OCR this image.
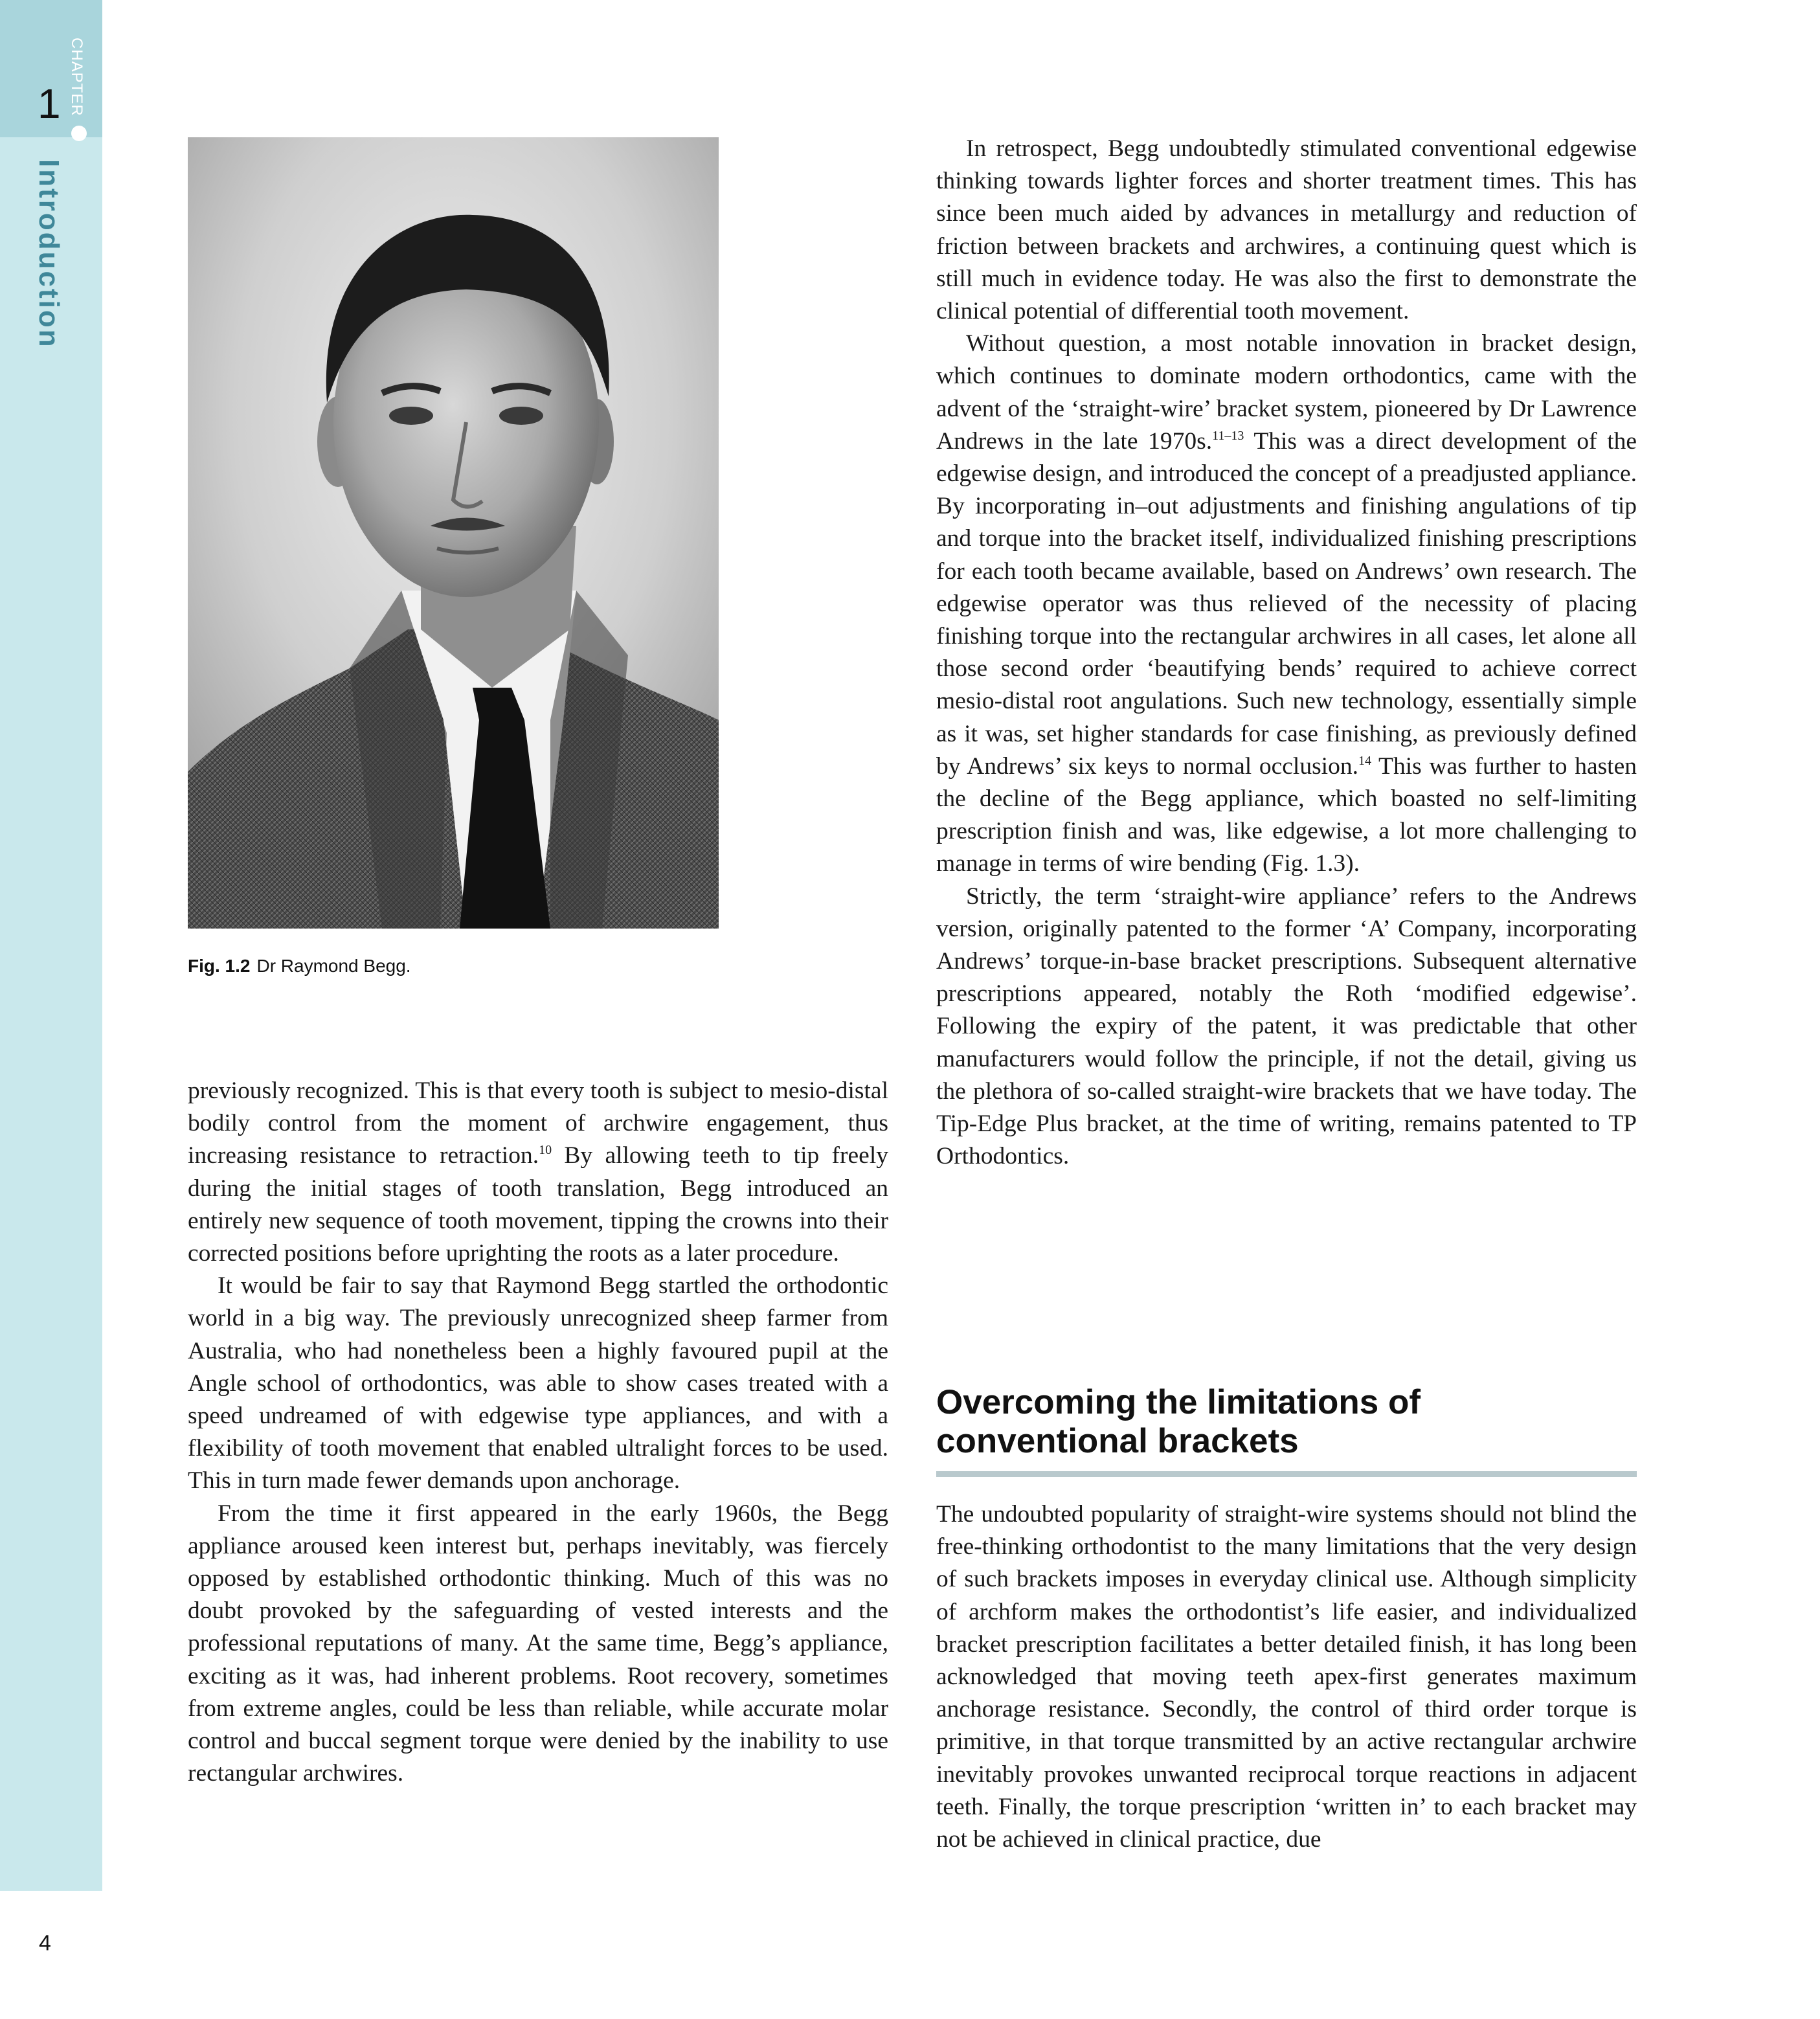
CHAPTER
1
Introduction
4
Fig. 1.2 Dr Raymond Begg.

previously recognized. This is that every tooth is subject to mesio-distal bodily control from the moment of archwire engagement, thus increasing resistance to retraction.$^{10}$ By allowing teeth to tip freely during the initial stages of tooth translation, Begg introduced an entirely new sequence of tooth movement, tipping the crowns into their corrected positions before uprighting the roots as a later procedure.

It would be fair to say that Raymond Begg startled the orthodontic world in a big way. The previously unrecognized sheep farmer from Australia, who had nonetheless been a highly favoured pupil at the Angle school of orthodontics, was able to show cases treated with a speed undreamed of with edgewise type appliances, and with a flexibility of tooth movement that enabled ultralight forces to be used. This in turn made fewer demands upon anchorage.

From the time it first appeared in the early 1960s, the Begg appliance aroused keen interest but, perhaps inevitably, was fiercely opposed by established orthodontic thinking. Much of this was no doubt provoked by the safeguarding of vested interests and the professional reputations of many. At the same time, Begg’s appliance, exciting as it was, had inherent problems. Root recovery, sometimes from extreme angles, could be less than reliable, while accurate molar control and buccal segment torque were denied by the inability to use rectangular archwires.

In retrospect, Begg undoubtedly stimulated conventional edgewise thinking towards lighter forces and shorter treatment times. This has since been much aided by advances in metallurgy and reduction of friction between brackets and archwires, a continuing quest which is still much in evidence today. He was also the first to demonstrate the clinical potential of differential tooth movement.

Without question, a most notable innovation in bracket design, which continues to dominate modern orthodontics, came with the advent of the ‘straight-wire’ bracket system, pioneered by Dr Lawrence Andrews in the late 1970s.$^{11-13}$ This was a direct development of the edgewise design, and introduced the concept of a preadjusted appliance. By incorporating in–out adjustments and finishing angulations of tip and torque into the bracket itself, individualized finishing prescriptions for each tooth became available, based on Andrews’ own research. The edgewise operator was thus relieved of the necessity of placing finishing torque into the rectangular archwires in all cases, let alone all those second order ‘beautifying bends’ required to achieve correct mesio-distal root angulations. Such new technology, essentially simple as it was, set higher standards for case finishing, as previously defined by Andrews’ six keys to normal occlusion.$^{14}$ This was further to hasten the decline of the Begg appliance, which boasted no self-limiting prescription finish and was, like edgewise, a lot more challenging to manage in terms of wire bending (Fig. 1.3).

Strictly, the term ‘straight-wire appliance’ refers to the Andrews version, originally patented to the former ‘A’ Company, incorporating Andrews’ torque-in-base bracket prescriptions. Subsequent alternative prescriptions appeared, notably the Roth ‘modified edgewise’. Following the expiry of the patent, it was predictable that other manufacturers would follow the principle, if not the detail, giving us the plethora of so-called straight-wire brackets that we have today. The Tip-Edge Plus bracket, at the time of writing, remains patented to TP Orthodontics.

Overcoming the limitations of conventional brackets

The undoubted popularity of straight-wire systems should not blind the free-thinking orthodontist to the many limitations that the very design of such brackets imposes in everyday clinical use. Although simplicity of archform makes the orthodontist’s life easier, and individualized bracket prescription facilitates a better detailed finish, it has long been acknowledged that moving teeth apex-first generates maximum anchorage resistance. Secondly, the control of third order torque is primitive, in that torque transmitted by an active rectangular archwire inevitably provokes unwanted reciprocal torque reactions in adjacent teeth. Finally, the torque prescription ‘written in’ to each bracket may not be achieved in clinical practice, due
